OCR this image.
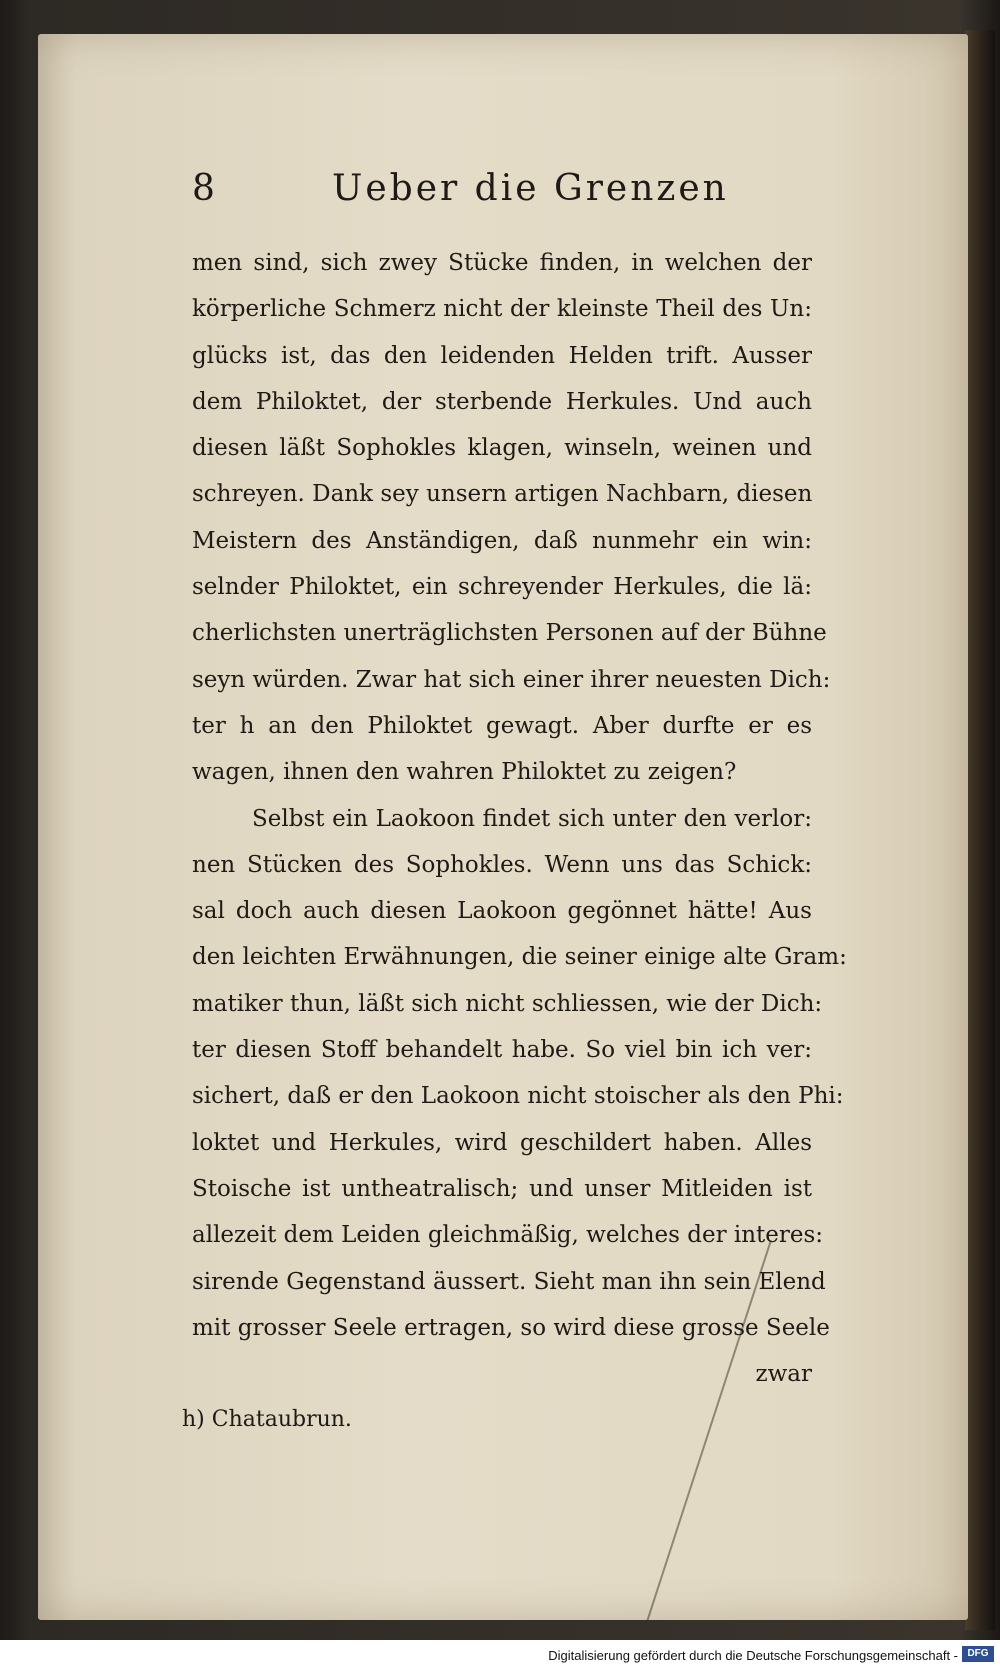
8	Ueber die Grenzen
men sind, sich zwey Stücke finden, in welchen der
körperliche Schmerz nicht der kleinste Theil des Un:
glücks ist, das den leidenden Helden trift. Ausser
dem Philoktet, der sterbende Herkules. Und auch
diesen läßt Sophokles klagen, winseln, weinen und
schreyen. Dank sey unsern artigen Nachbarn, diesen
Meistern des Anständigen, daß nunmehr ein win:
selnder Philoktet, ein schreyender Herkules, die lä:
cherlichsten unerträglichsten Personen auf der Bühne
seyn würden. Zwar hat sich einer ihrer neuesten Dich:
ter h an den Philoktet gewagt. Aber durfte er es
wagen, ihnen den wahren Philoktet zu zeigen?
Selbst ein Laokoon findet sich unter den verlor:
nen Stücken des Sophokles. Wenn uns das Schick:
sal doch auch diesen Laokoon gegönnet hätte! Aus
den leichten Erwähnungen, die seiner einige alte Gram:
matiker thun, läßt sich nicht schliessen, wie der Dich:
ter diesen Stoff behandelt habe. So viel bin ich ver:
sichert, daß er den Laokoon nicht stoischer als den Phi:
loktet und Herkules, wird geschildert haben. Alles
Stoische ist untheatralisch; und unser Mitleiden ist
allezeit dem Leiden gleichmäßig, welches der interes:
sirende Gegenstand äussert. Sieht man ihn sein Elend
mit grosser Seele ertragen, so wird diese grosse Seele
zwar
h) Chataubrun.
Digitalisierung gefördert durch die Deutsche Forschungsgemeinschaft - DFG
